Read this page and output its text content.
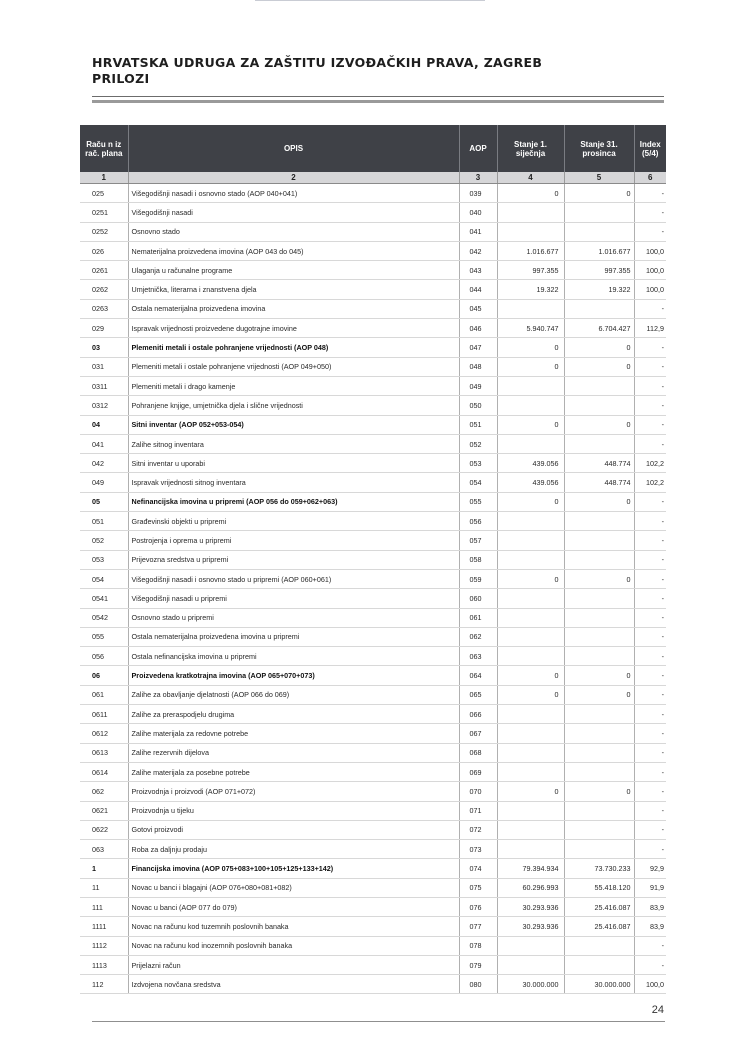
HRVATSKA UDRUGA ZA ZAŠTITU IZVOĐAČKIH PRAVA, ZAGREB
PRILOZI
Raču n iz rač. plana	OPIS	AOP	Stanje 1. siječnja	Stanje 31. prosinca	Index (5/4)
1	2	3	4	5	6
025	Višegodišnji nasadi i osnovno stado (AOP 040+041)	039	0	0	-
0251	Višegodišnji nasadi	040			-
0252	Osnovno stado	041			-
026	Nematerijalna proizvedena imovina (AOP 043 do 045)	042	1.016.677	1.016.677	100,0
0261	Ulaganja u računalne programe	043	997.355	997.355	100,0
0262	Umjetnička, literarna i znanstvena djela	044	19.322	19.322	100,0
0263	Ostala nematerijalna proizvedena imovina	045			-
029	Ispravak vrijednosti proizvedene dugotrajne imovine	046	5.940.747	6.704.427	112,9
03	Plemeniti metali i ostale pohranjene vrijednosti (AOP 048)	047	0	0	-
031	Plemeniti metali i ostale pohranjene vrijednosti (AOP 049+050)	048	0	0	-
0311	Plemeniti metali i drago kamenje	049			-
0312	Pohranjene knjige, umjetnička djela i slične vrijednosti	050			-
04	Sitni inventar (AOP 052+053-054)	051	0	0	-
041	Zalihe sitnog inventara	052			-
042	Sitni inventar u uporabi	053	439.056	448.774	102,2
049	Ispravak vrijednosti sitnog inventara	054	439.056	448.774	102,2
05	Nefinancijska imovina u pripremi (AOP 056 do 059+062+063)	055	0	0	-
051	Građevinski objekti u pripremi	056			-
052	Postrojenja i oprema u pripremi	057			-
053	Prijevozna sredstva u pripremi	058			-
054	Višegodišnji nasadi i osnovno stado u pripremi (AOP 060+061)	059	0	0	-
0541	Višegodišnji nasadi u pripremi	060			-
0542	Osnovno stado u pripremi	061			-
055	Ostala nematerijalna proizvedena imovina u pripremi	062			-
056	Ostala nefinancijska imovina u pripremi	063			-
06	Proizvedena kratkotrajna imovina (AOP 065+070+073)	064	0	0	-
061	Zalihe za obavljanje djelatnosti (AOP 066 do 069)	065	0	0	-
0611	Zalihe za preraspodjelu drugima	066			-
0612	Zalihe materijala za redovne potrebe	067			-
0613	Zalihe rezervnih dijelova	068			-
0614	Zalihe materijala za posebne potrebe	069			-
062	Proizvodnja i proizvodi (AOP 071+072)	070	0	0	-
0621	Proizvodnja u tijeku	071			-
0622	Gotovi proizvodi	072			-
063	Roba za daljnju prodaju	073			-
1	Financijska imovina (AOP 075+083+100+105+125+133+142)	074	79.394.934	73.730.233	92,9
11	Novac u banci i blagajni (AOP 076+080+081+082)	075	60.296.993	55.418.120	91,9
111	Novac u banci (AOP 077 do 079)	076	30.293.936	25.416.087	83,9
1111	Novac na računu kod tuzemnih poslovnih banaka	077	30.293.936	25.416.087	83,9
1112	Novac na računu kod inozemnih poslovnih banaka	078			-
1113	Prijelazni račun	079			-
112	Izdvojena novčana sredstva	080	30.000.000	30.000.000	100,0
24
